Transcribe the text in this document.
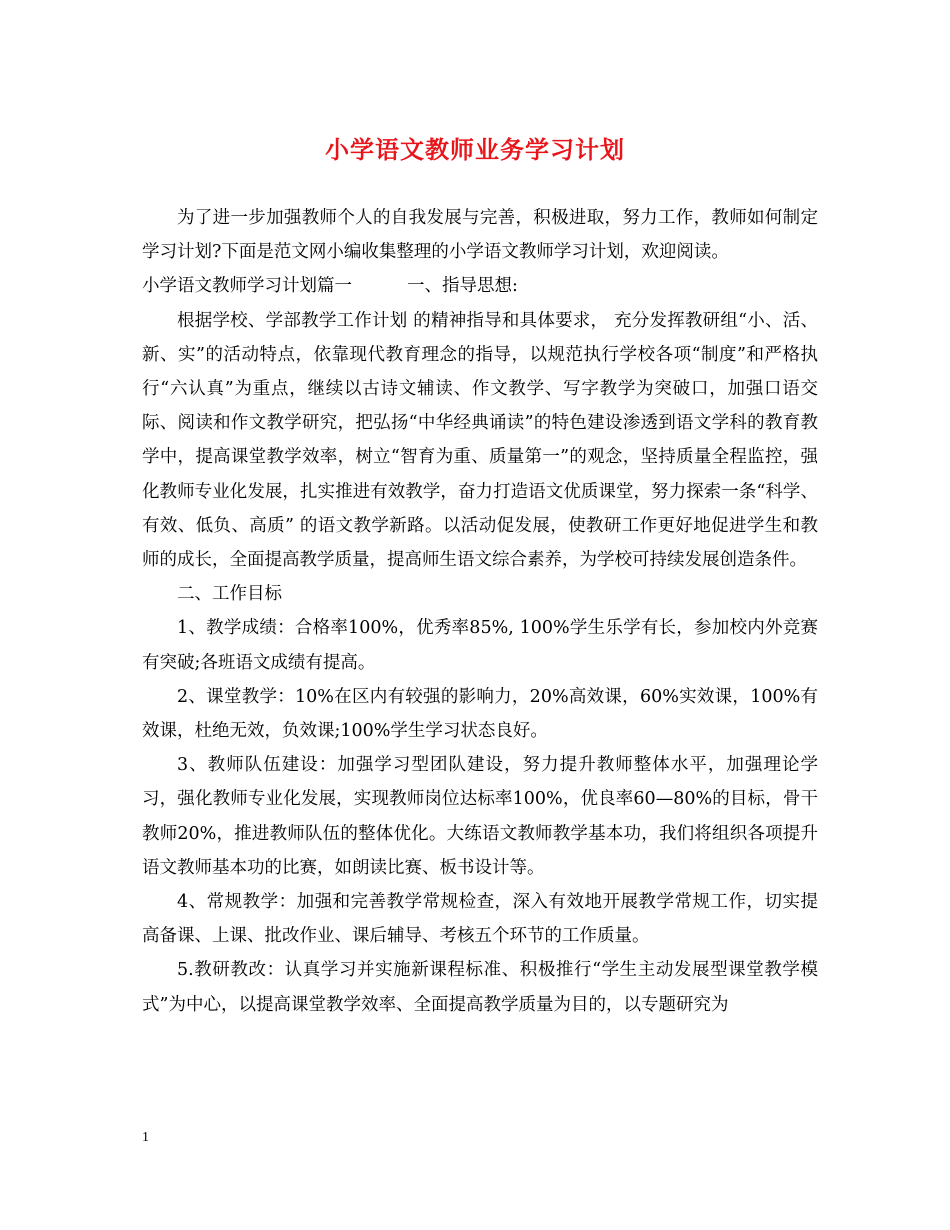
小学语文教师业务学习计划

为了进一步加强教师个人的自我发展与完善，积极进取，努力工作，教师如何制定学习计划?下面是范文网小编收集整理的小学语文教师学习计划，欢迎阅读。

小学语文教师学习计划篇一	一、指导思想:

根据学校、学部教学工作计划 的精神指导和具体要求， 充分发挥教研组“小、活、新、实”的活动特点，依靠现代教育理念的指导，以规范执行学校各项“制度”和严格执行“六认真”为重点，继续以古诗文辅读、作文教学、写字教学为突破口，加强口语交际、阅读和作文教学研究，把弘扬“中华经典诵读”的特色建设渗透到语文学科的教育教学中，提高课堂教学效率，树立“智育为重、质量第一”的观念，坚持质量全程监控，强化教师专业化发展，扎实推进有效教学，奋力打造语文优质课堂，努力探索一条“科学、有效、低负、高质” 的语文教学新路。以活动促发展，使教研工作更好地促进学生和教师的成长，全面提高教学质量，提高师生语文综合素养，为学校可持续发展创造条件。

二、工作目标

1、教学成绩：合格率100%，优秀率85%, 100%学生乐学有长，参加校内外竞赛有突破;各班语文成绩有提高。

2、课堂教学：10%在区内有较强的影响力，20%高效课，60%实效课，100%有效课，杜绝无效，负效课;100%学生学习状态良好。

3、教师队伍建设：加强学习型团队建设，努力提升教师整体水平，加强理论学习，强化教师专业化发展，实现教师岗位达标率100%，优良率60—80%的目标，骨干教师20%，推进教师队伍的整体优化。大练语文教师教学基本功，我们将组织各项提升语文教师基本功的比赛，如朗读比赛、板书设计等。

4、常规教学：加强和完善教学常规检查，深入有效地开展教学常规工作，切实提高备课、上课、批改作业、课后辅导、考核五个环节的工作质量。

5.教研教改：认真学习并实施新课程标准、积极推行“学生主动发展型课堂教学模式”为中心，以提高课堂教学效率、全面提高教学质量为目的，以专题研究为

1
